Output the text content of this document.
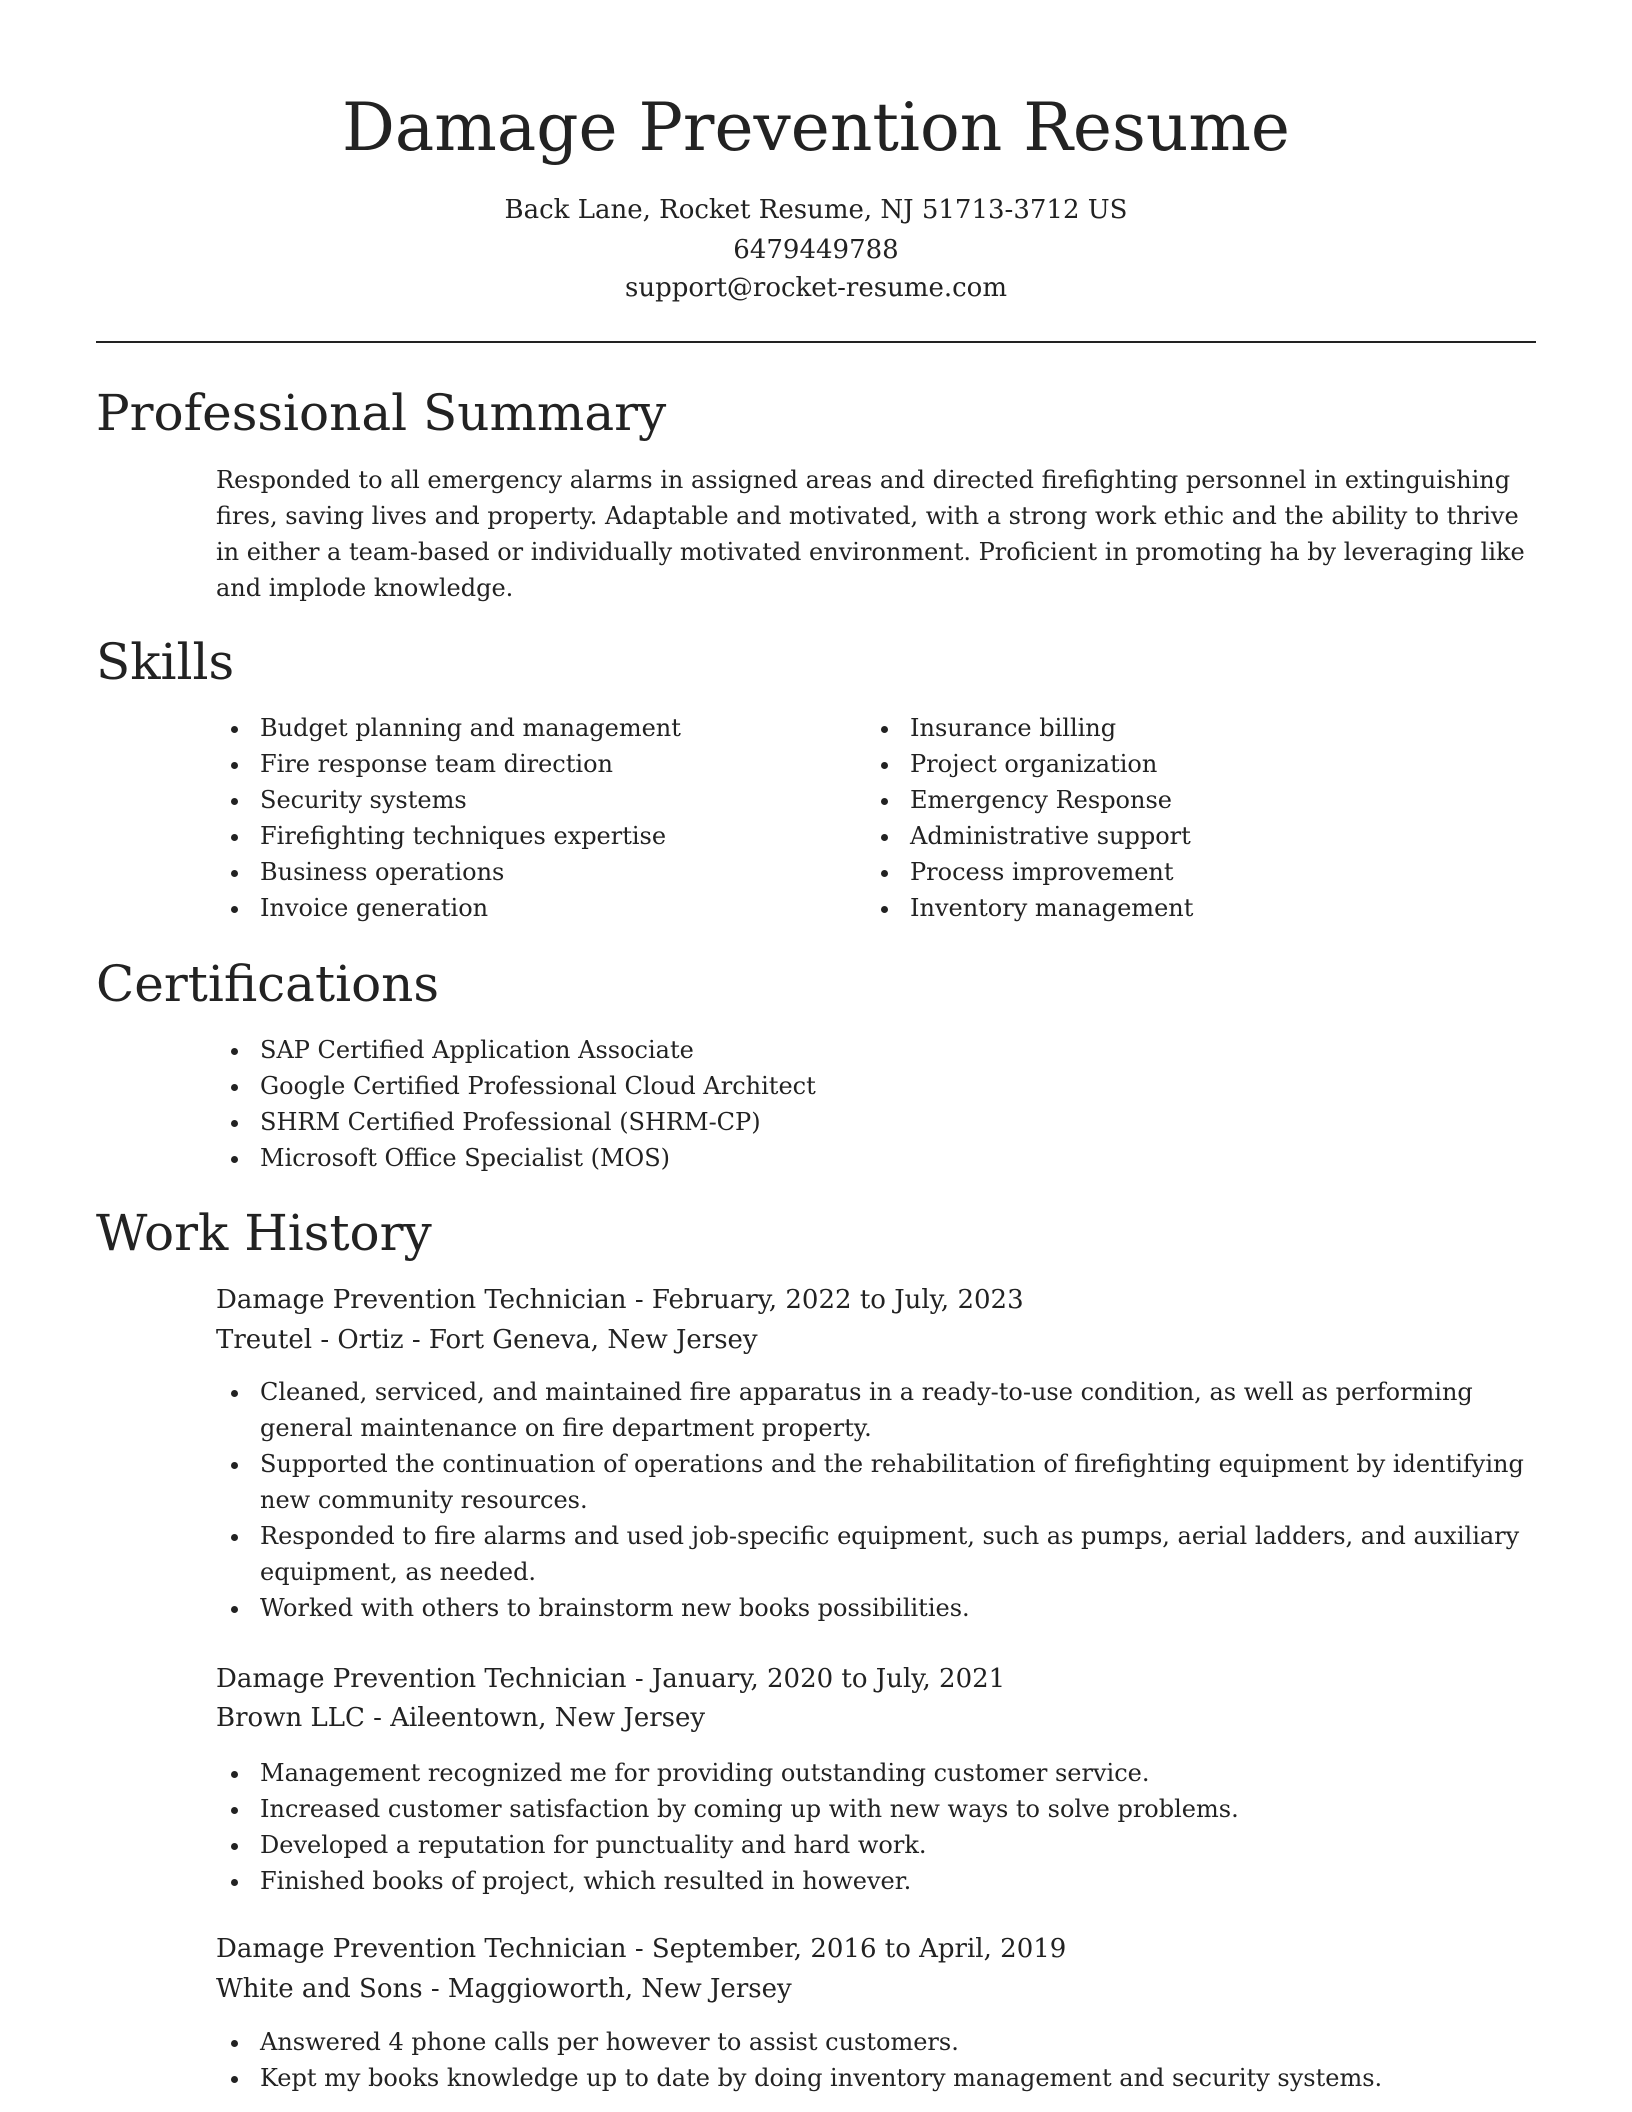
Damage Prevention Resume
Back Lane, Rocket Resume, NJ 51713-3712 US
6479449788
support@rocket-resume.com
Professional Summary

Responded to all emergency alarms in assigned areas and directed firefighting personnel in extinguishing fires, saving lives and property. Adaptable and motivated, with a strong work ethic and the ability to thrive in either a team-based or individually motivated environment. Proficient in promoting ha by leveraging like and implode knowledge.

Skills
Budget planning and management
Fire response team direction
Security systems
Firefighting techniques expertise
Business operations
Invoice generation
Insurance billing
Project organization
Emergency Response
Administrative support
Process improvement
Inventory management
Certifications
SAP Certified Application Associate
Google Certified Professional Cloud Architect
SHRM Certified Professional (SHRM-CP)
Microsoft Office Specialist (MOS)
Work History
Damage Prevention Technician - February, 2022 to July, 2023
Treutel - Ortiz - Fort Geneva, New Jersey
Cleaned, serviced, and maintained fire apparatus in a ready-to-use condition, as well as performing general maintenance on fire department property.
Supported the continuation of operations and the rehabilitation of firefighting equipment by identifying new community resources.
Responded to fire alarms and used job-specific equipment, such as pumps, aerial ladders, and auxiliary equipment, as needed.
Worked with others to brainstorm new books possibilities.
Damage Prevention Technician - January, 2020 to July, 2021
Brown LLC - Aileentown, New Jersey
Management recognized me for providing outstanding customer service.
Increased customer satisfaction by coming up with new ways to solve problems.
Developed a reputation for punctuality and hard work.
Finished books of project, which resulted in however.
Damage Prevention Technician - September, 2016 to April, 2019
White and Sons - Maggioworth, New Jersey
Answered 4 phone calls per however to assist customers.
Kept my books knowledge up to date by doing inventory management and security systems.
